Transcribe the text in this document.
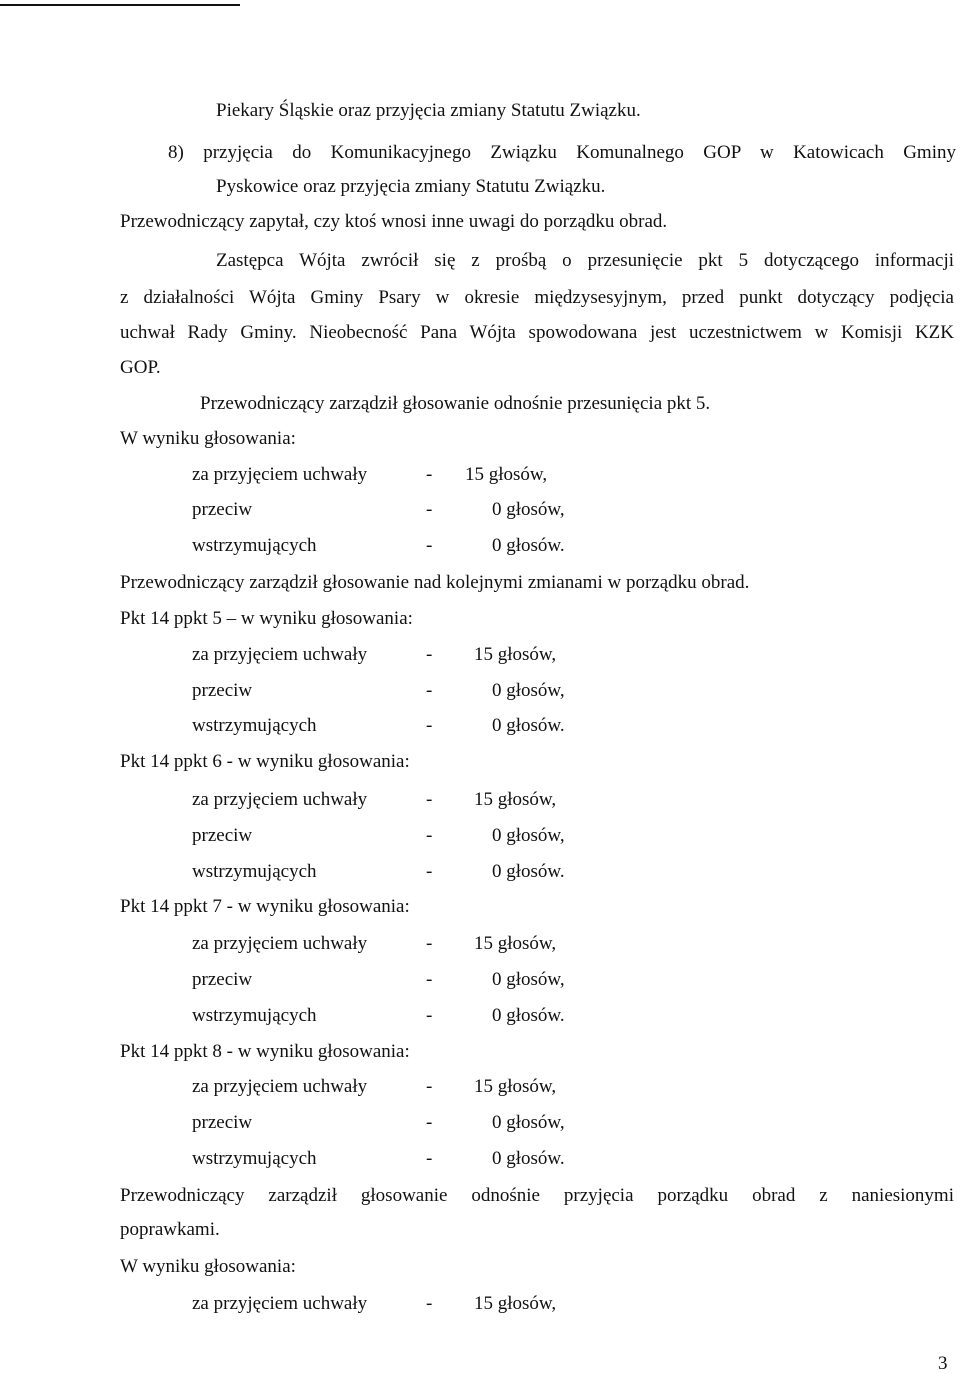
Piekary Śląskie oraz przyjęcia zmiany Statutu Związku.
8) przyjęcia do Komunikacyjnego Związku Komunalnego GOP w Katowicach Gminy
Pyskowice oraz przyjęcia zmiany Statutu Związku.
Przewodniczący zapytał, czy ktoś wnosi inne uwagi do porządku obrad.
Zastępca Wójta zwrócił się z prośbą o przesunięcie pkt 5 dotyczącego informacji
z działalności Wójta Gminy Psary w okresie międzysesyjnym, przed punkt dotyczący podjęcia
uchwał Rady Gminy. Nieobecność Pana Wójta spowodowana jest uczestnictwem w Komisji KZK
GOP.
Przewodniczący zarządził głosowanie odnośnie przesunięcia pkt 5.
W wyniku głosowania:
za przyjęciem uchwały	- 15 głosów,
przeciw	-	0 głosów,
wstrzymujących	-	0 głosów.
Przewodniczący zarządził głosowanie nad kolejnymi zmianami w porządku obrad.
Pkt 14 ppkt 5 – w wyniku głosowania:
za przyjęciem uchwały	- 15 głosów,
przeciw	-	0 głosów,
wstrzymujących	-	0 głosów.
Pkt 14 ppkt 6 - w wyniku głosowania:
za przyjęciem uchwały	- 15 głosów,
przeciw	-	0 głosów,
wstrzymujących	-	0 głosów.
Pkt 14 ppkt 7 - w wyniku głosowania:
za przyjęciem uchwały	- 15 głosów,
przeciw	-	0 głosów,
wstrzymujących	-	0 głosów.
Pkt 14 ppkt 8 - w wyniku głosowania:
za przyjęciem uchwały	- 15 głosów,
przeciw	-	0 głosów,
wstrzymujących	-	0 głosów.
Przewodniczący zarządził głosowanie odnośnie przyjęcia porządku obrad z naniesionymi
poprawkami.
W wyniku głosowania:
za przyjęciem uchwały	- 15 głosów,
3
